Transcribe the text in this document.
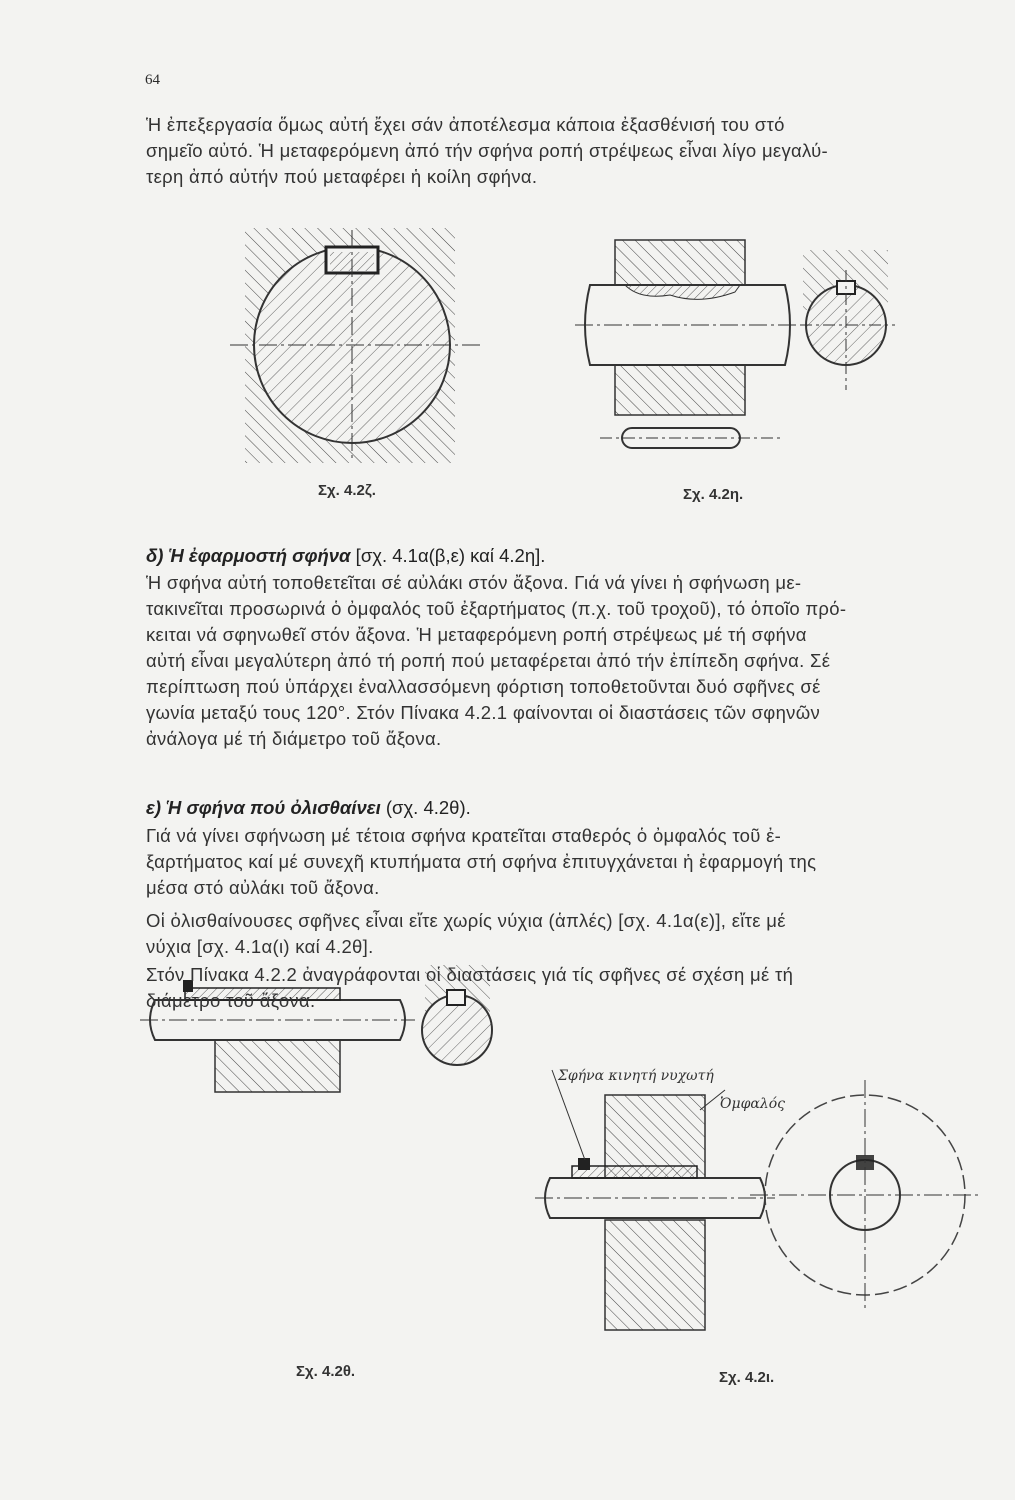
64

Ἡ ἐπεξεργασία ὅμως αὐτή ἔχει σάν ἀποτέλεσμα κάποια ἐξασθένισή του στό

σημεῖο αὐτό. Ἡ μεταφερόμενη ἀπό τήν σφήνα ροπή στρέψεως εἶναι λίγο μεγαλύ-

τερη ἀπό αὐτήν πού μεταφέρει ἡ κοίλη σφήνα.

Σφήνα κινητή νυχωτή
Ὀμφαλός
Σχ. 4.2ζ.	Σχ. 4.2η.
δ) Ἡ ἐφαρμοστή σφήνα [σχ. 4.1α(β,ε) καί 4.2η].

Ἡ σφήνα αὐτή τοποθετεῖται σέ αὐλάκι στόν ἄξονα. Γιά νά γίνει ἡ σφήνωση με-

τακινεῖται προσωρινά ὁ ὀμφαλός τοῦ ἐξαρτήματος (π.χ. τοῦ τροχοῦ), τό ὁποῖο πρό-

κειται νά σφηνωθεῖ στόν ἄξονα. Ἡ μεταφερόμενη ροπή στρέψεως μέ τή σφήνα

αὐτή εἶναι μεγαλύτερη ἀπό τή ροπή πού μεταφέρεται ἀπό τήν ἐπίπεδη σφήνα. Σέ

περίπτωση πού ὑπάρχει ἐναλλασσόμενη φόρτιση τοποθετοῦνται δυό σφῆνες σέ

γωνία μεταξύ τους 120°. Στόν Πίνακα 4.2.1 φαίνονται οἱ διαστάσεις τῶν σφηνῶν

ἀνάλογα μέ τή διάμετρο τοῦ ἄξονα.

ε) Ἡ σφήνα πού ὀλισθαίνει (σχ. 4.2θ).

Γιά νά γίνει σφήνωση μέ τέτοια σφήνα κρατεῖται σταθερός ὁ ὀμφαλός τοῦ ἐ-

ξαρτήματος καί μέ συνεχῆ κτυπήματα στή σφήνα ἐπιτυγχάνεται ἡ ἐφαρμογή της

μέσα στό αὐλάκι τοῦ ἄξονα.

Οἱ ὀλισθαίνουσες σφῆνες εἶναι εἴτε χωρίς νύχια (ἁπλές) [σχ. 4.1α(ε)], εἴτε μέ

νύχια [σχ. 4.1α(ι) καί 4.2θ].

Στόν Πίνακα 4.2.2 ἀναγράφονται οἱ διαστάσεις γιά τίς σφῆνες σέ σχέση μέ τή

διάμετρο τοῦ ἄξονα.

Σχ. 4.2θ.	Σχ. 4.2ι.
